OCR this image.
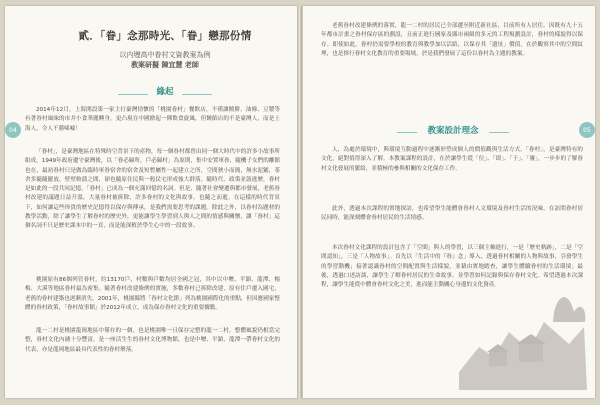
04
貳．「眷」念那時光、「眷」戀那份情
以内壢高中眷村文資教案為例
教案研擬 陳宜慧 老師
緣起

2014年12月，上海開設第一家主打臺灣情懷的「桃園眷村」餐飲店，不僅讓饒餅、油條、豆漿等有著眷村風味的市井小食華麗轉身，更凸現在中國掀起一陣飲食旋風，但饒餡店的不是臺灣人，而是上海人，令人不勝唏噓！

「眷村」，是臺灣地區在特殊時空背景下的產物，每一個眷村都曾由同一個大時代中的許多小故事所組成。1949年政府遷守臺灣後，以「眷必歸所，戶必歸村」為原則，集中安置軍眷，隨機子女們的離館也在，最初眷村只是做為臨時軍眷宿舍的宿舍及短暫屬性一起建立之所，空間狹小而簡，無水泥鋪，茶舍多隨隨擺放，壁壁較蒲之間，卻也隨原住民與一般民宅形成強大群落。隨時代、政策並鼓進歷，眷村是如此的一段共同記憶，「眷村」已成為一個充滿回憶的名詞。但是，隨著社會變遷與都市發展，老舊眷村改建的議題日益升溫，大量眷村被拆除，許多眷村的文化與故事，也隨之而逝。在這樣的時代背景下，如何讓這些珍貴的歷史記憶得以保存與傳承，是我們需要思考的課題。除此之外，以眷村為題材的教學活動，除了讓學生了解眷村的歷史外，更能讓學生學習到人與人之間的情感與關懷，讓「眷村」這個名詞不只是歷史課本中的一頁，而是能深植於學生心中的一段故事。

桃園原有86個列管眷村，約13170戶，村數與戶數均居全國之冠，其中以中壢、平鎮、龍潭、楊梅、大溪等地區眷村最為密集。隨著眷村改建條例的實施，多數眷村已拆除改建，原有住戶遷入國宅，老舊的眷村建築也逐漸消失。2001年，桃園縣將「眷村文化節」列為桃園國際化的重點，但因應國家整體的眷村政策，「眷村故事館」於2012年成立，成為保存眷村文化的重要據點。

龍一二村是桃園龍岡地區中僅存的一個，也是桃園唯一且保存完整的龍一二村，整體風貌仍相當完整，眷村文化內涵十分豐富，是一座活生生的眷村文化博物館，也是中壢、平鎮、龍潭一帶眷村文化的代表，亦是龍岡地區最具代表性的眷村聚落。

05

老舊眷村改建條例的落實，龍一二村的居民已全部遷至附近新社區，目前所有人居住。因既有九十五年都市計畫之眷村保存區的劃設，且前正進行國家及縣市兩級的多元的工程規劃設計，眷村的樣貌得以保存。即使如此，眷村仍需要學校的教育與教學加以活絡，以保存其「遺址」價值，在於觀察其中的空間紋理，也是推行眷村文化教育的重要場域，於是我們發展了這份以眷村為主題的教案。

教案設計理念

人，為處於環境中，與環境互動過程中逐漸形塑成個人的價值觀與生活方式。「眷村」，是臺灣特有的文化，絕對值得深入了解。本教案課程的設計，在於讓學生從「位」、「即」、「于」、「廢」，一步步的了解眷村文化發展的脈絡，並積極的參與相關的文化保存工作。

此外，透過本次課程的實地探訪，也希望學生能體會眷村人文環境及眷村生活的況味，在訪問眷村居民同時，能深刻體會眷村居民的生活情感。

本次眷村文化課程的設計包含了「空間」與人的學習，以三個主軸進行，一是「歷史軌跡」，二是「空間認知」，三是「人物故事」。首先以「生活中的『眷』念」導入，透過眷村相關的人物與故事，引發學生的學習動機；接著認識眷村的空間配置與生活樣貌，並藉由實地踏查，讓學生體驗眷村的生活環境；最後，透過口述訪談，讓學生了解眷村居民的生命故事，並學習如何記錄與保存眷村文化。希望透過本次課程，讓學生能從中體會眷村文化之美，進而能主動關心身邊的文化資產。
